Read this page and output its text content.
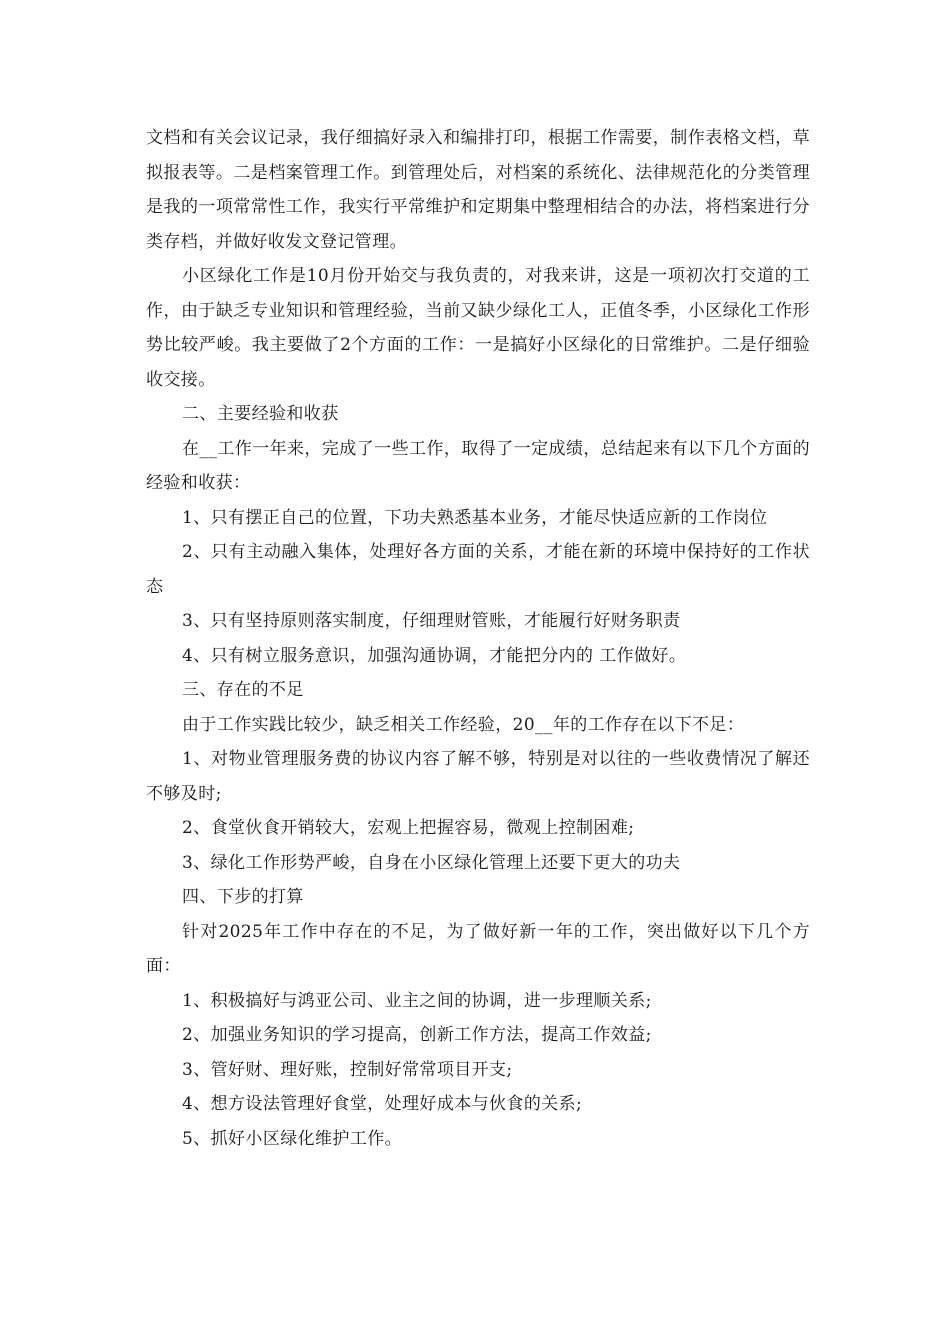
文档和有关会议记录，我仔细搞好录入和编排打印，根据工作需要，制作表格文档，草拟报表等。二是档案管理工作。到管理处后，对档案的系统化、法律规范化的分类管理是我的一项常常性工作，我实行平常维护和定期集中整理相结合的办法，将档案进行分类存档，并做好收发文登记管理。

小区绿化工作是10月份开始交与我负责的，对我来讲，这是一项初次打交道的工作，由于缺乏专业知识和管理经验，当前又缺少绿化工人，正值冬季，小区绿化工作形势比较严峻。我主要做了2个方面的工作：一是搞好小区绿化的日常维护。二是仔细验收交接。

二、主要经验和收获

在__工作一年来，完成了一些工作，取得了一定成绩，总结起来有以下几个方面的经验和收获：

1、只有摆正自己的位置，下功夫熟悉基本业务，才能尽快适应新的工作岗位

2、只有主动融入集体，处理好各方面的关系，才能在新的环境中保持好的工作状态

3、只有坚持原则落实制度，仔细理财管账，才能履行好财务职责

4、只有树立服务意识，加强沟通协调，才能把分内的 工作做好。

三、存在的不足

由于工作实践比较少，缺乏相关工作经验，20__年的工作存在以下不足：

1、对物业管理服务费的协议内容了解不够，特别是对以往的一些收费情况了解还不够及时;

2、食堂伙食开销较大，宏观上把握容易，微观上控制困难;

3、绿化工作形势严峻，自身在小区绿化管理上还要下更大的功夫

四、下步的打算

针对2025年工作中存在的不足，为了做好新一年的工作，突出做好以下几个方面：

1、积极搞好与鸿亚公司、业主之间的协调，进一步理顺关系;

2、加强业务知识的学习提高，创新工作方法，提高工作效益;

3、管好财、理好账，控制好常常项目开支;

4、想方设法管理好食堂，处理好成本与伙食的关系;

5、抓好小区绿化维护工作。
